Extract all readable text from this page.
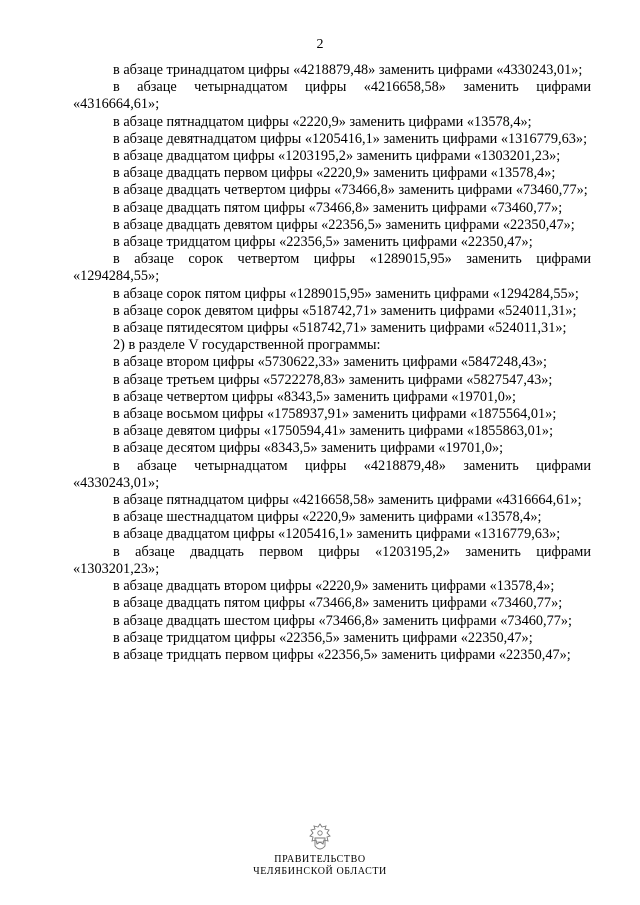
2

в абзаце тринадцатом цифры «4218879,48» заменить цифрами «4330243,01»;

в абзаце четырнадцатом цифры «4216658,58» заменить цифрами «4316664,61»;

в абзаце пятнадцатом цифры «2220,9» заменить цифрами «13578,4»;

в абзаце девятнадцатом цифры «1205416,1» заменить цифрами «1316779,63»;

в абзаце двадцатом цифры «1203195,2» заменить цифрами «1303201,23»;

в абзаце двадцать первом цифры «2220,9» заменить цифрами «13578,4»;

в абзаце двадцать четвертом цифры «73466,8» заменить цифрами «73460,77»;

в абзаце двадцать пятом цифры «73466,8» заменить цифрами «73460,77»;

в абзаце двадцать девятом цифры «22356,5» заменить цифрами «22350,47»;

в абзаце тридцатом цифры «22356,5» заменить цифрами «22350,47»;

в абзаце сорок четвертом цифры «1289015,95» заменить цифрами «1294284,55»;

в абзаце сорок пятом цифры «1289015,95» заменить цифрами «1294284,55»;

в абзаце сорок девятом цифры «518742,71» заменить цифрами «524011,31»;

в абзаце пятидесятом цифры «518742,71» заменить цифрами «524011,31»;

2) в разделе V государственной программы:

в абзаце втором цифры «5730622,33» заменить цифрами «5847248,43»;

в абзаце третьем цифры «5722278,83» заменить цифрами «5827547,43»;

в абзаце четвертом цифры «8343,5» заменить цифрами «19701,0»;

в абзаце восьмом цифры «1758937,91» заменить цифрами «1875564,01»;

в абзаце девятом цифры «1750594,41» заменить цифрами «1855863,01»;

в абзаце десятом цифры «8343,5» заменить цифрами «19701,0»;

в абзаце четырнадцатом цифры «4218879,48» заменить цифрами «4330243,01»;

в абзаце пятнадцатом цифры «4216658,58» заменить цифрами «4316664,61»;

в абзаце шестнадцатом цифры «2220,9» заменить цифрами «13578,4»;

в абзаце двадцатом цифры «1205416,1» заменить цифрами «1316779,63»;

в абзаце двадцать первом цифры «1203195,2» заменить цифрами «1303201,23»;

в абзаце двадцать втором цифры «2220,9» заменить цифрами «13578,4»;

в абзаце двадцать пятом цифры «73466,8» заменить цифрами «73460,77»;

в абзаце двадцать шестом цифры «73466,8» заменить цифрами «73460,77»;

в абзаце тридцатом цифры «22356,5» заменить цифрами «22350,47»;

в абзаце тридцать первом цифры «22356,5» заменить цифрами «22350,47»;

ПРАВИТЕЛЬСТВО
ЧЕЛЯБИНСКОЙ ОБЛАСТИ
